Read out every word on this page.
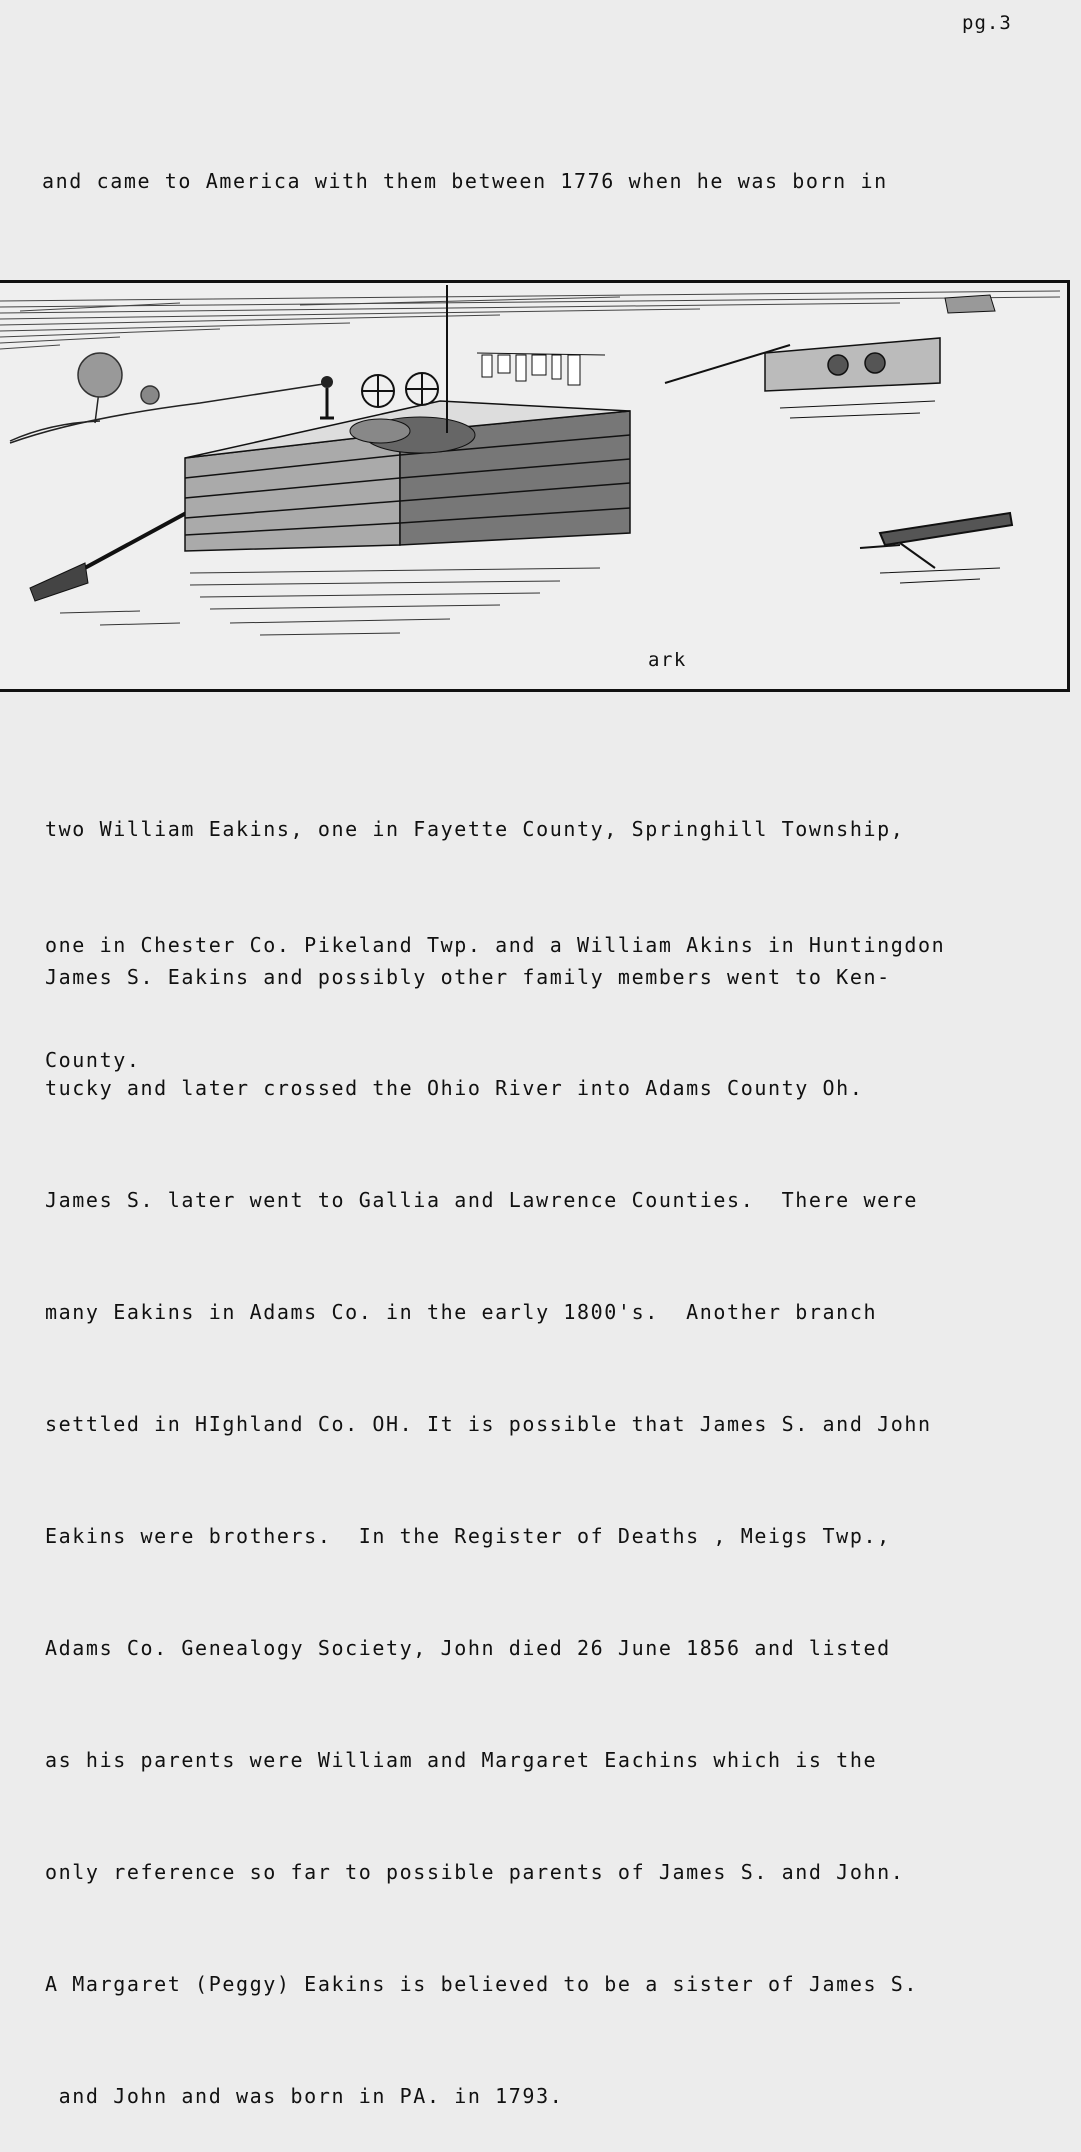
pg.3

and came to America with them between 1776 when he was born in

ark

two William Eakins, one in Fayette County, Springhill Township,

one in Chester Co. Pikeland Twp. and a William Akins in Huntingdon

County.

James S. Eakins and possibly other family members went to Ken-

tucky and later crossed the Ohio River into Adams County Oh.

James S. later went to Gallia and Lawrence Counties.  There were

many Eakins in Adams Co. in the early 1800's.  Another branch

settled in HIghland Co. OH. It is possible that James S. and John

Eakins were brothers.  In the Register of Deaths , Meigs Twp.,

Adams Co. Genealogy Society, John died 26 June 1856 and listed

as his parents were William and Margaret Eachins which is the

only reference so far to possible parents of James S. and John.

A Margaret (Peggy) Eakins is believed to be a sister of James S.

and John and was born in PA. in 1793.
